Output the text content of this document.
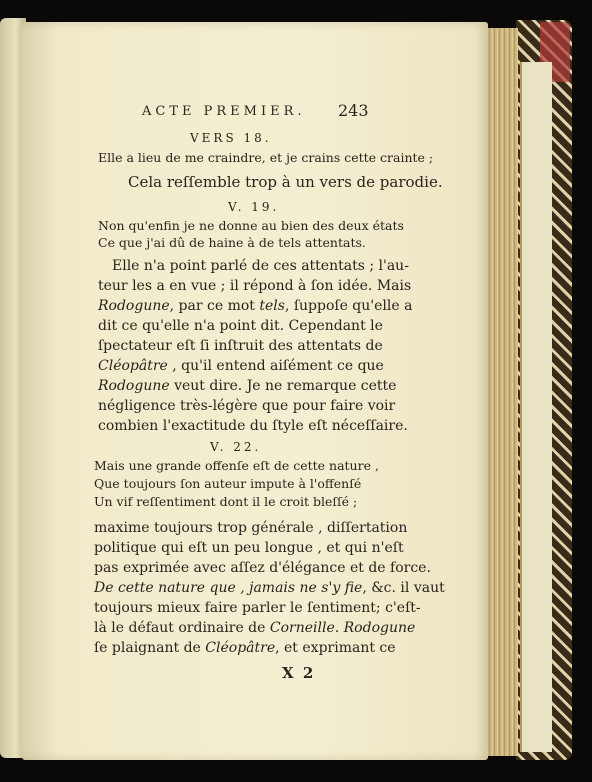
ACTE PREMIER. 243
VERS 18.
Elle a lieu de me craindre, et je crains cette crainte ;
Cela reſſemble trop à un vers de parodie.
V. 19.
Non qu'enfin je ne donne au bien des deux états
Ce que j'ai dû de haine à de tels attentats.
Elle n'a point parlé de ces attentats ; l'au-
teur les a en vue ; il répond à ſon idée. Mais
Rodogune, par ce mot tels, ſuppoſe qu'elle a
dit ce qu'elle n'a point dit. Cependant le
ſpectateur eſt ſi inſtruit des attentats de
Cléopâtre , qu'il entend aiſément ce que
Rodogune veut dire. Je ne remarque cette
négligence très-légère que pour faire voir
combien l'exactitude du ſtyle eſt néceſſaire.
V. 22.
Mais une grande offenſe eſt de cette nature ,
Que toujours ſon auteur impute à l'offenſé
Un vif reſſentiment dont il le croit bleſſé ;
maxime toujours trop générale , diſſertation
politique qui eſt un peu longue , et qui n'eſt
pas exprimée avec aſſez d'élégance et de force.
De cette nature que , jamais ne s'y fie, &c. il vaut
toujours mieux faire parler le ſentiment; c'eſt-
là le défaut ordinaire de Corneille. Rodogune
ſe plaignant de Cléopâtre, et exprimant ce
X 2
